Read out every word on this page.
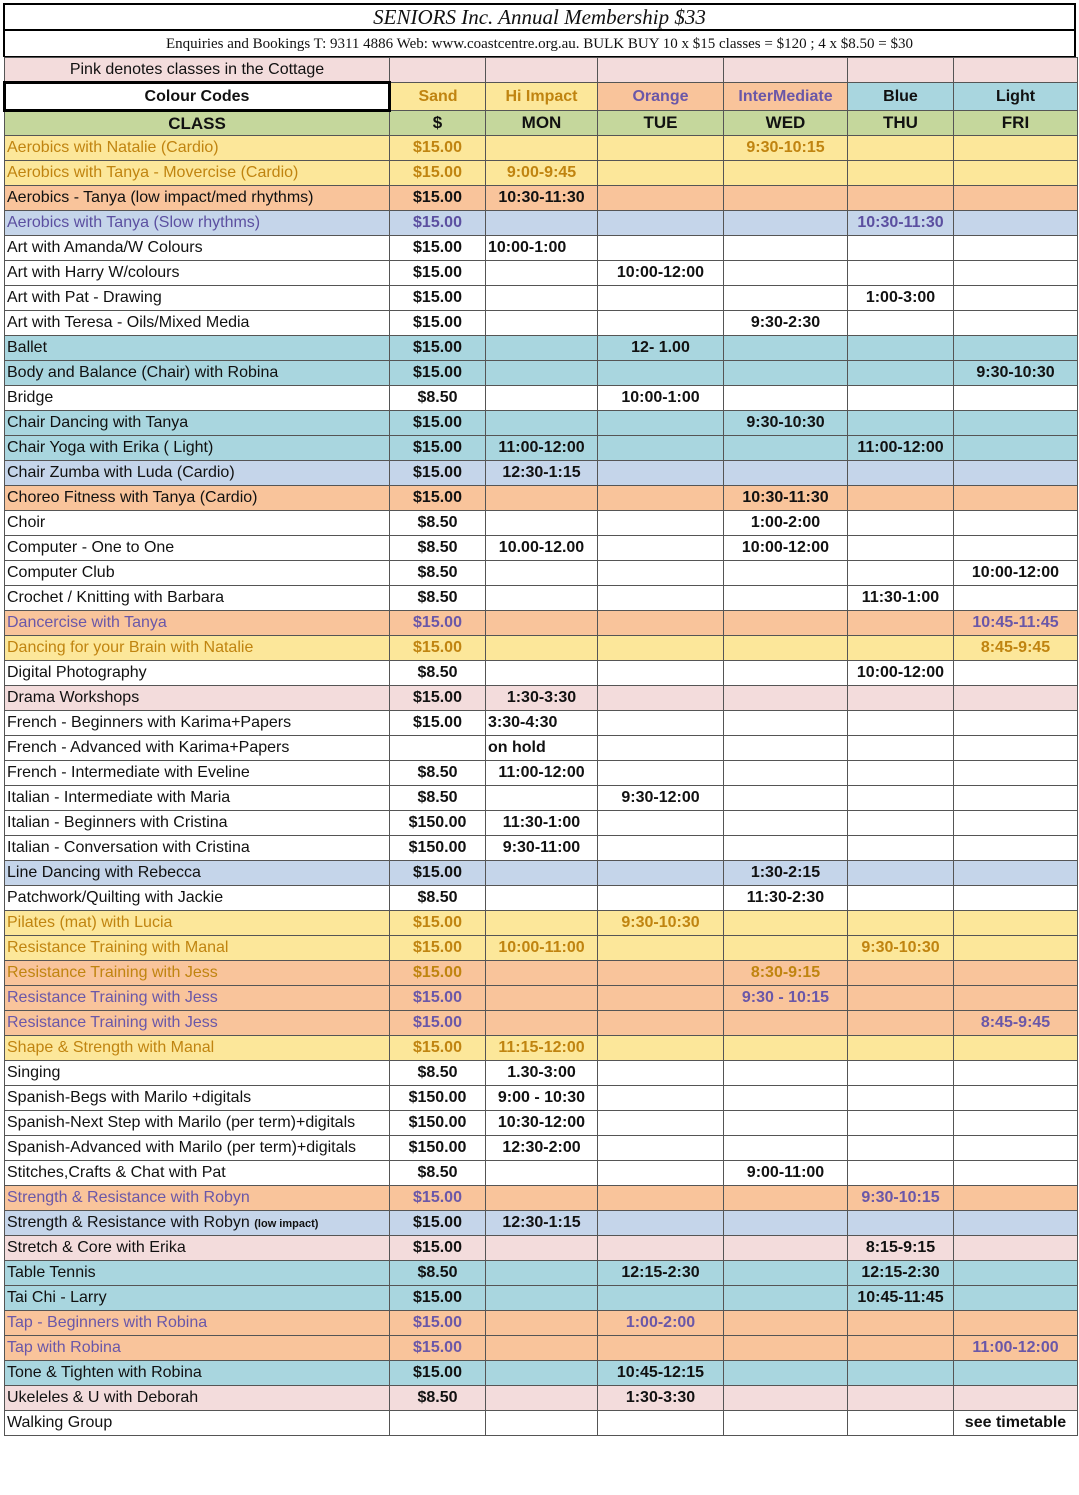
SENIORS Inc. Annual Membership $33
Enquiries and Bookings T: 9311 4886 Web: www.coastcentre.org.au. BULK BUY 10 x $15 classes = $120 ; 4 x $8.50 = $30
Pink denotes classes in the Cottage						
Colour Codes	Sand	Hi Impact	Orange	InterMediate	Blue	Light
CLASS	$	MON	TUE	WED	THU	FRI
Aerobics with Natalie (Cardio)	$15.00			9:30-10:15		
Aerobics with Tanya - Movercise (Cardio)	$15.00	9:00-9:45				
Aerobics - Tanya (low impact/med rhythms)	$15.00	10:30-11:30				
Aerobics with Tanya (Slow rhythms)	$15.00				10:30-11:30	
Art with Amanda/W Colours	$15.00	10:00-1:00				
Art with Harry W/colours	$15.00		10:00-12:00			
Art with Pat - Drawing	$15.00				1:00-3:00	
Art with Teresa - Oils/Mixed Media	$15.00			9:30-2:30		
Ballet	$15.00		12- 1.00			
Body and Balance (Chair) with Robina	$15.00					9:30-10:30
Bridge	$8.50		10:00-1:00			
Chair Dancing with Tanya	$15.00			9:30-10:30		
Chair Yoga with Erika ( Light)	$15.00	11:00-12:00			11:00-12:00	
Chair Zumba with Luda (Cardio)	$15.00	12:30-1:15				
Choreo Fitness with Tanya (Cardio)	$15.00			10:30-11:30		
Choir	$8.50			1:00-2:00		
Computer - One to One	$8.50	10.00-12.00		10:00-12:00		
Computer Club	$8.50					10:00-12:00
Crochet / Knitting with Barbara	$8.50				11:30-1:00	
Dancercise with Tanya	$15.00					10:45-11:45
Dancing for your Brain with Natalie	$15.00					8:45-9:45
Digital Photography	$8.50				10:00-12:00	
Drama Workshops	$15.00	1:30-3:30				
French - Beginners with Karima+Papers	$15.00	3:30-4:30				
French - Advanced with Karima+Papers		on hold				
French - Intermediate with Eveline	$8.50	11:00-12:00				
Italian - Intermediate with Maria	$8.50		9:30-12:00			
Italian - Beginners with Cristina	$150.00	11:30-1:00				
Italian - Conversation with Cristina	$150.00	9:30-11:00				
Line Dancing with Rebecca	$15.00			1:30-2:15		
Patchwork/Quilting with Jackie	$8.50			11:30-2:30		
Pilates (mat) with Lucia	$15.00		9:30-10:30			
Resistance Training with Manal	$15.00	10:00-11:00			9:30-10:30	
Resistance Training with Jess	$15.00			8:30-9:15		
Resistance Training with Jess	$15.00			9:30 - 10:15		
Resistance Training with Jess	$15.00					8:45-9:45
Shape & Strength with Manal	$15.00	11:15-12:00				
Singing	$8.50	1.30-3:00				
Spanish-Begs with Marilo +digitals	$150.00	9:00 - 10:30				
Spanish-Next Step with Marilo (per term)+digitals	$150.00	10:30-12:00				
Spanish-Advanced with Marilo (per term)+digitals	$150.00	12:30-2:00				
Stitches,Crafts & Chat with Pat	$8.50			9:00-11:00		
Strength & Resistance with Robyn	$15.00				9:30-10:15	
Strength & Resistance with Robyn (low impact)	$15.00	12:30-1:15				
Stretch & Core with Erika	$15.00				8:15-9:15	
Table Tennis	$8.50		12:15-2:30		12:15-2:30	
Tai Chi - Larry	$15.00				10:45-11:45	
Tap - Beginners with Robina	$15.00		1:00-2:00			
Tap with Robina	$15.00					11:00-12:00
Tone & Tighten with Robina	$15.00		10:45-12:15			
Ukeleles & U with Deborah	$8.50		1:30-3:30			
Walking Group						see timetable
